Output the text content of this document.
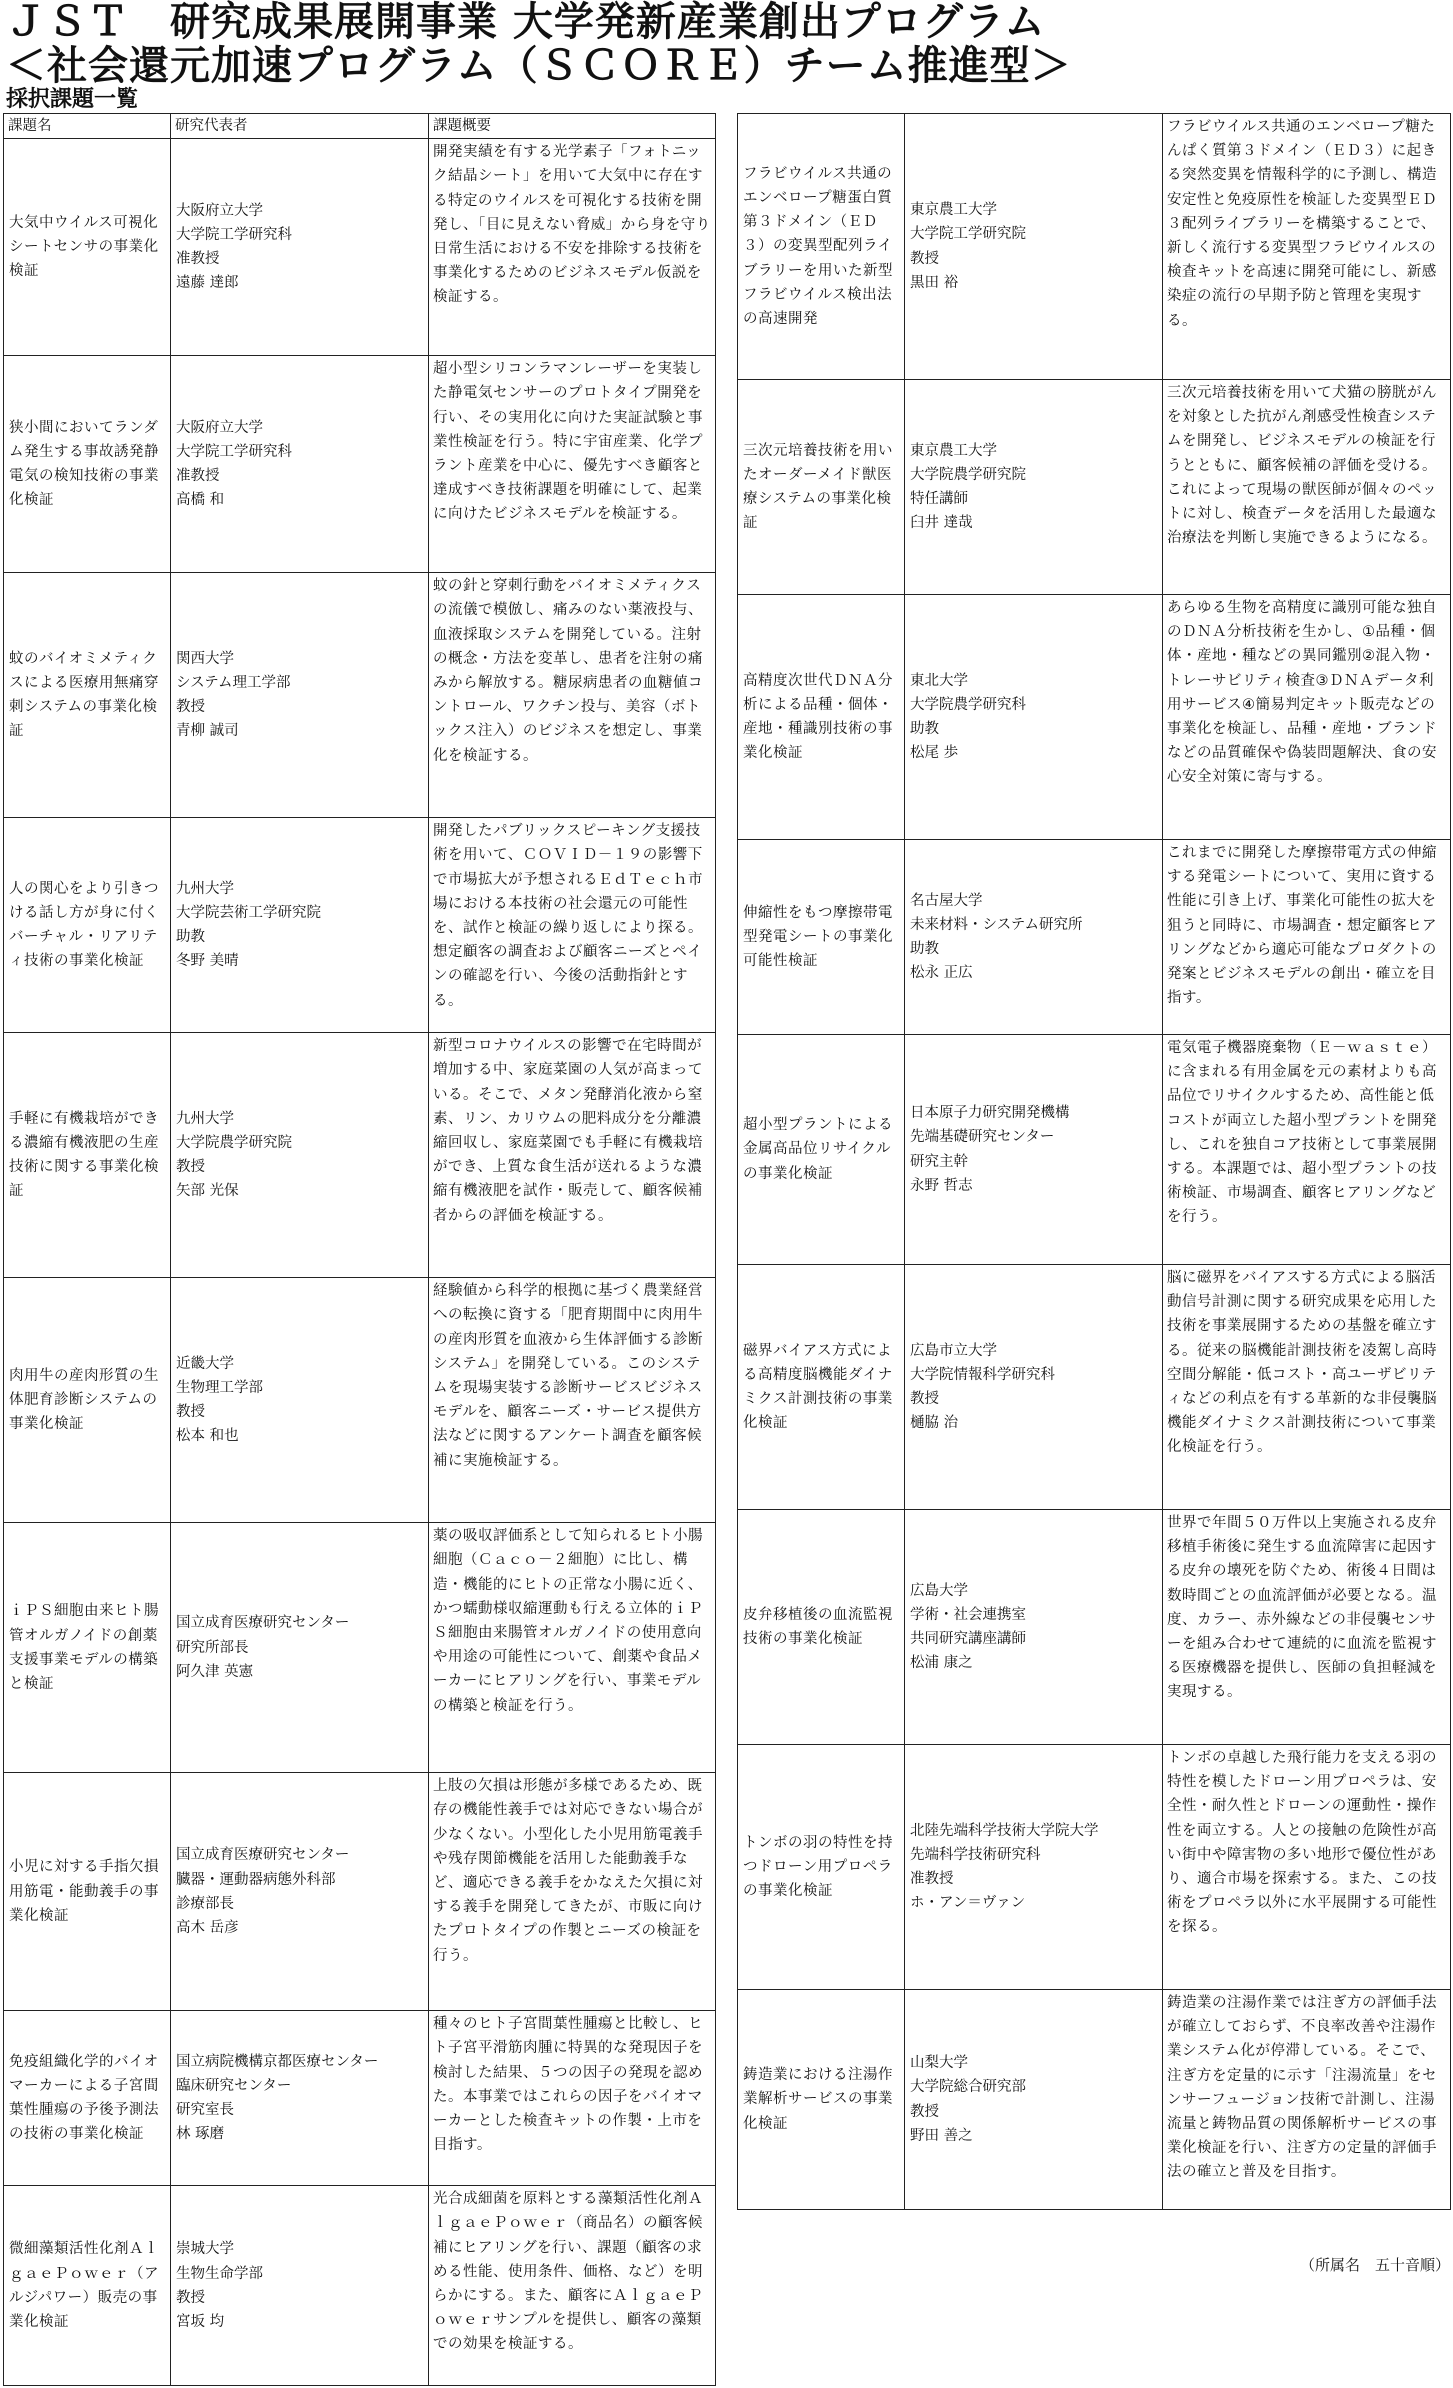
ＪＳＴ　研究成果展開事業 大学発新産業創出プログラム
＜社会還元加速プログラム（ＳＣＯＲＥ）チーム推進型＞
採択課題一覧
課題名	研究代表者	課題概要
大気中ウイルス可視化シートセンサの事業化検証	大阪府立大学
大学院工学研究科
准教授
遠藤 達郎	開発実績を有する光学素子「フォトニック結晶シート」を用いて大気中に存在する特定のウイルスを可視化する技術を開発し、「目に見えない脅威」から身を守り日常生活における不安を排除する技術を事業化するためのビジネスモデル仮説を検証する。
狭小間においてランダム発生する事故誘発静電気の検知技術の事業化検証	大阪府立大学
大学院工学研究科
准教授
高橋 和	超小型シリコンラマンレーザーを実装した静電気センサーのプロトタイプ開発を行い、その実用化に向けた実証試験と事業性検証を行う。特に宇宙産業、化学プラント産業を中心に、優先すべき顧客と達成すべき技術課題を明確にして、起業に向けたビジネスモデルを検証する。
蚊のバイオミメティクスによる医療用無痛穿刺システムの事業化検証	関西大学
システム理工学部
教授
青柳 誠司	蚊の針と穿刺行動をバイオミメティクスの流儀で模倣し、痛みのない薬液投与、血液採取システムを開発している。注射の概念・方法を変革し、患者を注射の痛みから解放する。糖尿病患者の血糖値コントロール、ワクチン投与、美容（ボトックス注入）のビジネスを想定し、事業化を検証する。
人の関心をより引きつける話し方が身に付くバーチャル・リアリティ技術の事業化検証	九州大学
大学院芸術工学研究院
助教
冬野 美晴	開発したパブリックスピーキング支援技術を用いて、ＣＯＶＩＤ－１９の影響下で市場拡大が予想されるＥｄＴｅｃｈ市場における本技術の社会還元の可能性を、試作と検証の繰り返しにより探る。想定顧客の調査および顧客ニーズとペインの確認を行い、今後の活動指針とする。
手軽に有機栽培ができる濃縮有機液肥の生産技術に関する事業化検証	九州大学
大学院農学研究院
教授
矢部 光保	新型コロナウイルスの影響で在宅時間が増加する中、家庭菜園の人気が高まっている。そこで、メタン発酵消化液から窒素、リン、カリウムの肥料成分を分離濃縮回収し、家庭菜園でも手軽に有機栽培ができ、上質な食生活が送れるような濃縮有機液肥を試作・販売して、顧客候補者からの評価を検証する。
肉用牛の産肉形質の生体肥育診断システムの事業化検証	近畿大学
生物理工学部
教授
松本 和也	経験値から科学的根拠に基づく農業経営への転換に資する「肥育期間中に肉用牛の産肉形質を血液から生体評価する診断システム」を開発している。このシステムを現場実装する診断サービスビジネスモデルを、顧客ニーズ・サービス提供方法などに関するアンケート調査を顧客候補に実施検証する。
ｉＰＳ細胞由来ヒト腸管オルガノイドの創薬支援事業モデルの構築と検証	国立成育医療研究センター
研究所部長
阿久津 英憲	薬の吸収評価系として知られるヒト小腸細胞（Ｃａｃｏ－２細胞）に比し、構造・機能的にヒトの正常な小腸に近く、かつ蠕動様収縮運動も行える立体的ｉＰＳ細胞由来腸管オルガノイドの使用意向や用途の可能性について、創薬や食品メーカーにヒアリングを行い、事業モデルの構築と検証を行う。
小児に対する手指欠損用筋電・能動義手の事業化検証	国立成育医療研究センター
臓器・運動器病態外科部
診療部長
高木 岳彦	上肢の欠損は形態が多様であるため、既存の機能性義手では対応できない場合が少なくない。小型化した小児用筋電義手や残存関節機能を活用した能動義手など、適応できる義手をかなえた欠損に対する義手を開発してきたが、市販に向けたプロトタイプの作製とニーズの検証を行う。
免疫組織化学的バイオマーカーによる子宮間葉性腫瘍の予後予測法の技術の事業化検証	国立病院機構京都医療センター
臨床研究センター
研究室長
林 琢磨	種々のヒト子宮間葉性腫瘍と比較し、ヒト子宮平滑筋肉腫に特異的な発現因子を検討した結果、５つの因子の発現を認めた。本事業ではこれらの因子をバイオマーカーとした検査キットの作製・上市を目指す。
微細藻類活性化剤ＡｌｇａｅＰｏｗｅｒ（アルジパワー）販売の事業化検証	崇城大学
生物生命学部
教授
宮坂 均	光合成細菌を原料とする藻類活性化剤ＡｌｇａｅＰｏｗｅｒ（商品名）の顧客候補にヒアリングを行い、課題（顧客の求める性能、使用条件、価格、など）を明らかにする。また、顧客にＡｌｇａｅＰｏｗｅｒサンプルを提供し、顧客の藻類での効果を検証する。
フラビウイルス共通のエンベロープ糖蛋白質第３ドメイン（ＥＤ３）の変異型配列ライブラリーを用いた新型フラビウイルス検出法の高速開発	東京農工大学
大学院工学研究院
教授
黒田 裕	フラビウイルス共通のエンベロープ糖たんぱく質第３ドメイン（ＥＤ３）に起きる突然変異を情報科学的に予測し、構造安定性と免疫原性を検証した変異型ＥＤ３配列ライブラリーを構築することで、新しく流行する変異型フラビウイルスの検査キットを高速に開発可能にし、新感染症の流行の早期予防と管理を実現する。
三次元培養技術を用いたオーダーメイド獣医療システムの事業化検証	東京農工大学
大学院農学研究院
特任講師
臼井 達哉	三次元培養技術を用いて犬猫の膀胱がんを対象とした抗がん剤感受性検査システムを開発し、ビジネスモデルの検証を行うとともに、顧客候補の評価を受ける。これによって現場の獣医師が個々のペットに対し、検査データを活用した最適な治療法を判断し実施できるようになる。
高精度次世代ＤＮＡ分析による品種・個体・産地・種識別技術の事業化検証	東北大学
大学院農学研究科
助教
松尾 歩	あらゆる生物を高精度に識別可能な独自のＤＮＡ分析技術を生かし、①品種・個体・産地・種などの異同鑑別②混入物・トレーサビリティ検査③ＤＮＡデータ利用サービス④簡易判定キット販売などの事業化を検証し、品種・産地・ブランドなどの品質確保や偽装問題解決、食の安心安全対策に寄与する。
伸縮性をもつ摩擦帯電型発電シートの事業化可能性検証	名古屋大学
未来材料・システム研究所
助教
松永 正広	これまでに開発した摩擦帯電方式の伸縮する発電シートについて、実用に資する性能に引き上げ、事業化可能性の拡大を狙うと同時に、市場調査・想定顧客ヒアリングなどから適応可能なプロダクトの発案とビジネスモデルの創出・確立を目指す。
超小型プラントによる金属高品位リサイクルの事業化検証	日本原子力研究開発機構
先端基礎研究センター
研究主幹
永野 哲志	電気電子機器廃棄物（Ｅ－ｗａｓｔｅ）に含まれる有用金属を元の素材よりも高品位でリサイクルするため、高性能と低コストが両立した超小型プラントを開発し、これを独自コア技術として事業展開する。本課題では、超小型プラントの技術検証、市場調査、顧客ヒアリングなどを行う。
磁界バイアス方式による高精度脳機能ダイナミクス計測技術の事業化検証	広島市立大学
大学院情報科学研究科
教授
樋脇 治	脳に磁界をバイアスする方式による脳活動信号計測に関する研究成果を応用した技術を事業展開するための基盤を確立する。従来の脳機能計測技術を凌駕し高時空間分解能・低コスト・高ユーザビリティなどの利点を有する革新的な非侵襲脳機能ダイナミクス計測技術について事業化検証を行う。
皮弁移植後の血流監視技術の事業化検証	広島大学
学術・社会連携室
共同研究講座講師
松浦 康之	世界で年間５０万件以上実施される皮弁移植手術後に発生する血流障害に起因する皮弁の壊死を防ぐため、術後４日間は数時間ごとの血流評価が必要となる。温度、カラー、赤外線などの非侵襲センサーを組み合わせて連続的に血流を監視する医療機器を提供し、医師の負担軽減を実現する。
トンボの羽の特性を持つドローン用プロペラの事業化検証	北陸先端科学技術大学院大学
先端科学技術研究科
准教授
ホ・アン＝ヴァン	トンボの卓越した飛行能力を支える羽の特性を模したドローン用プロペラは、安全性・耐久性とドローンの運動性・操作性を両立する。人との接触の危険性が高い街中や障害物の多い地形で優位性があり、適合市場を探索する。また、この技術をプロペラ以外に水平展開する可能性を探る。
鋳造業における注湯作業解析サービスの事業化検証	山梨大学
大学院総合研究部
教授
野田 善之	鋳造業の注湯作業では注ぎ方の評価手法が確立しておらず、不良率改善や注湯作業システム化が停滞している。そこで、注ぎ方を定量的に示す「注湯流量」をセンサーフュージョン技術で計測し、注湯流量と鋳物品質の関係解析サービスの事業化検証を行い、注ぎ方の定量的評価手法の確立と普及を目指す。
（所属名　五十音順）
